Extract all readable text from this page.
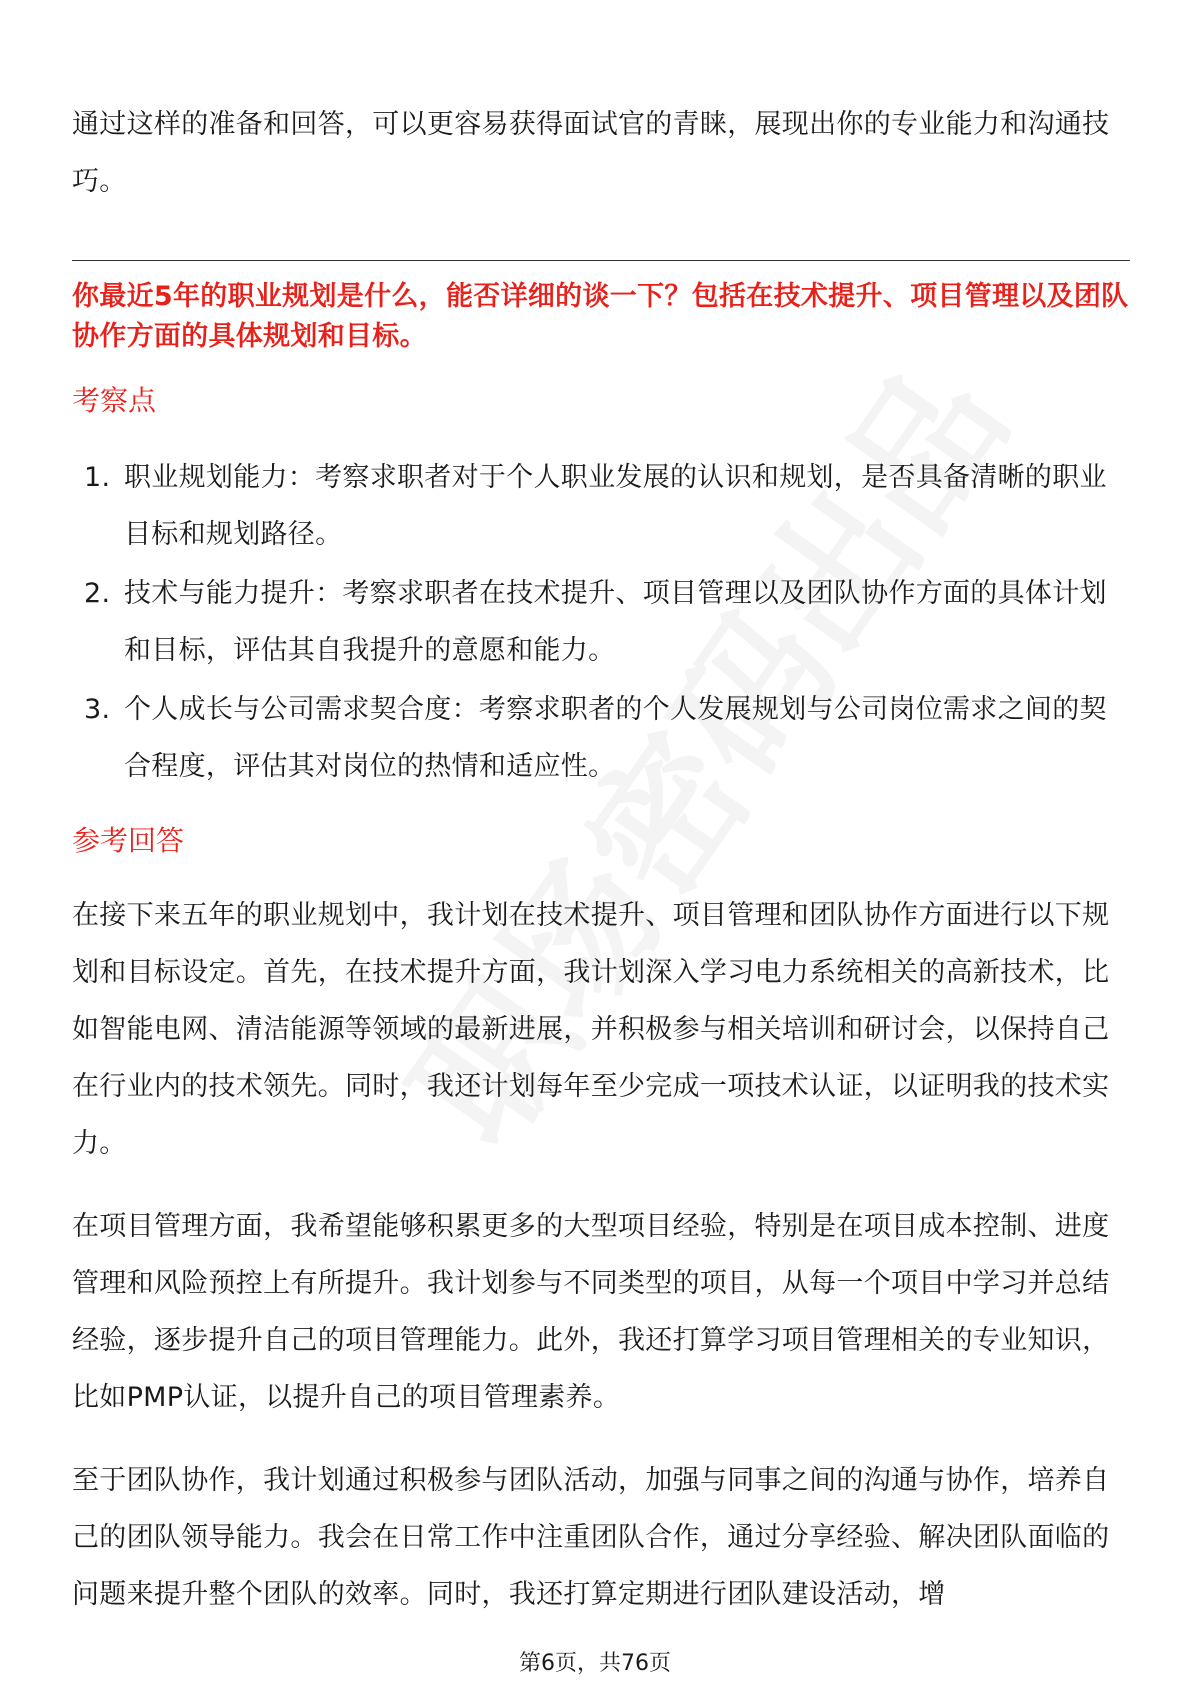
通过这样的准备和回答，可以更容易获得面试官的青睐，展现出你的专业能力和沟通技巧。

你最近5年的职业规划是什么，能否详细的谈一下？包括在技术提升、项目管理以及团队协作方面的具体规划和目标。

考察点
1. 职业规划能力：考察求职者对于个人职业发展的认识和规划，是否具备清晰的职业目标和规划路径。
2. 技术与能力提升：考察求职者在技术提升、项目管理以及团队协作方面的具体计划和目标，评估其自我提升的意愿和能力。
3. 个人成长与公司需求契合度：考察求职者的个人发展规划与公司岗位需求之间的契合程度，评估其对岗位的热情和适应性。
参考回答

在接下来五年的职业规划中，我计划在技术提升、项目管理和团队协作方面进行以下规划和目标设定。首先，在技术提升方面，我计划深入学习电力系统相关的高新技术，比如智能电网、清洁能源等领域的最新进展，并积极参与相关培训和研讨会，以保持自己在行业内的技术领先。同时，我还计划每年至少完成一项技术认证，以证明我的技术实力。

在项目管理方面，我希望能够积累更多的大型项目经验，特别是在项目成本控制、进度管理和风险预控上有所提升。我计划参与不同类型的项目，从每一个项目中学习并总结经验，逐步提升自己的项目管理能力。此外，我还打算学习项目管理相关的专业知识，比如PMP认证，以提升自己的项目管理素养。

至于团队协作，我计划通过积极参与团队活动，加强与同事之间的沟通与协作，培养自己的团队领导能力。我会在日常工作中注重团队合作，通过分享经验、解决团队面临的问题来提升整个团队的效率。同时，我还打算定期进行团队建设活动，增

第6页，共76页
